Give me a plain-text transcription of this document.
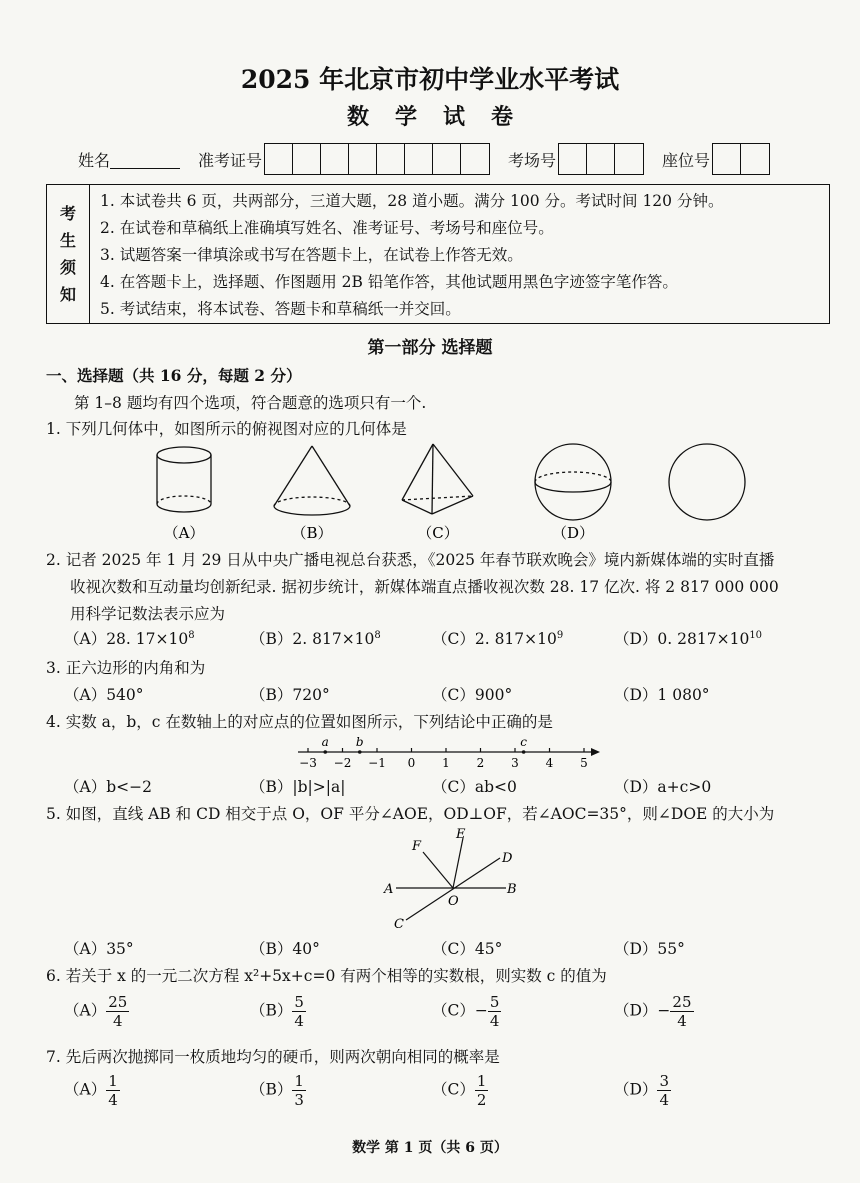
2025 年北京市初中学业水平考试
数学试卷
姓名	准考证号	考场号	座位号
考
生
须
知
1. 本试卷共 6 页，共两部分，三道大题，28 道小题。满分 100 分。考试时间 120 分钟。
2. 在试卷和草稿纸上准确填写姓名、准考证号、考场号和座位号。
3. 试题答案一律填涂或书写在答题卡上，在试卷上作答无效。
4. 在答题卡上，选择题、作图题用 2B 铅笔作答，其他试题用黑色字迹签字笔作答。
5. 考试结束，将本试卷、答题卡和草稿纸一并交回。
第一部分 选择题
一、选择题（共 16 分，每题 2 分）
第 1–8 题均有四个选项，符合题意的选项只有一个.
1. 下列几何体中，如图所示的俯视图对应的几何体是
（A）	（B）	（C）	（D）
2. 记者 2025 年 1 月 29 日从中央广播电视总台获悉，《2025 年春节联欢晚会》境内新媒体端的实时直播
收视次数和互动量均创新纪录. 据初步统计，新媒体端直点播收视次数 28. 17 亿次. 将 2 817 000 000
用科学记数法表示应为
（A）28. $17\times 10^8$	（B）2. $817\times 10^8$	（C）2. $817\times 10^9$	（D）0. $2817\times 10^{10}$
3. 正六边形的内角和为
（A）540°	（B）720°	（C）900°	（D）1 080°
4. 实数 a，b，c 在数轴上的对应点的位置如图所示，下列结论中正确的是
−3 −2 −1 0 1 2 3 4 5
a b	c
（A）b<−2	（B）|b|>|a|	（C）ab<0	（D）a+c>0
5. 如图，直线 AB 和 CD 相交于点 O，OF 平分∠AOE，OD⊥OF，若∠AOC=35°，则∠DOE 的大小为
A	B
C
D
E
F
O
（A）35°	（B）40°	（C）45°	（D）55°
6. 若关于 x 的一元二次方程 x²+5x+c=0 有两个相等的实数根，则实数 c 的值为
$(A) \frac{25}{4}$	$(B) \frac{5}{4}$	$(C)- \frac{5}{4}$	$(D)- \frac{25}{4}$
7. 先后两次抛掷同一枚质地均匀的硬币，则两次朝向相同的概率是
$(A) \frac{1}{4}$	$(B) \frac{1}{3}$	$(C) \frac{1}{2}$	$(D) \frac{3}{4}$
数学 第 1 页（共 6 页）
